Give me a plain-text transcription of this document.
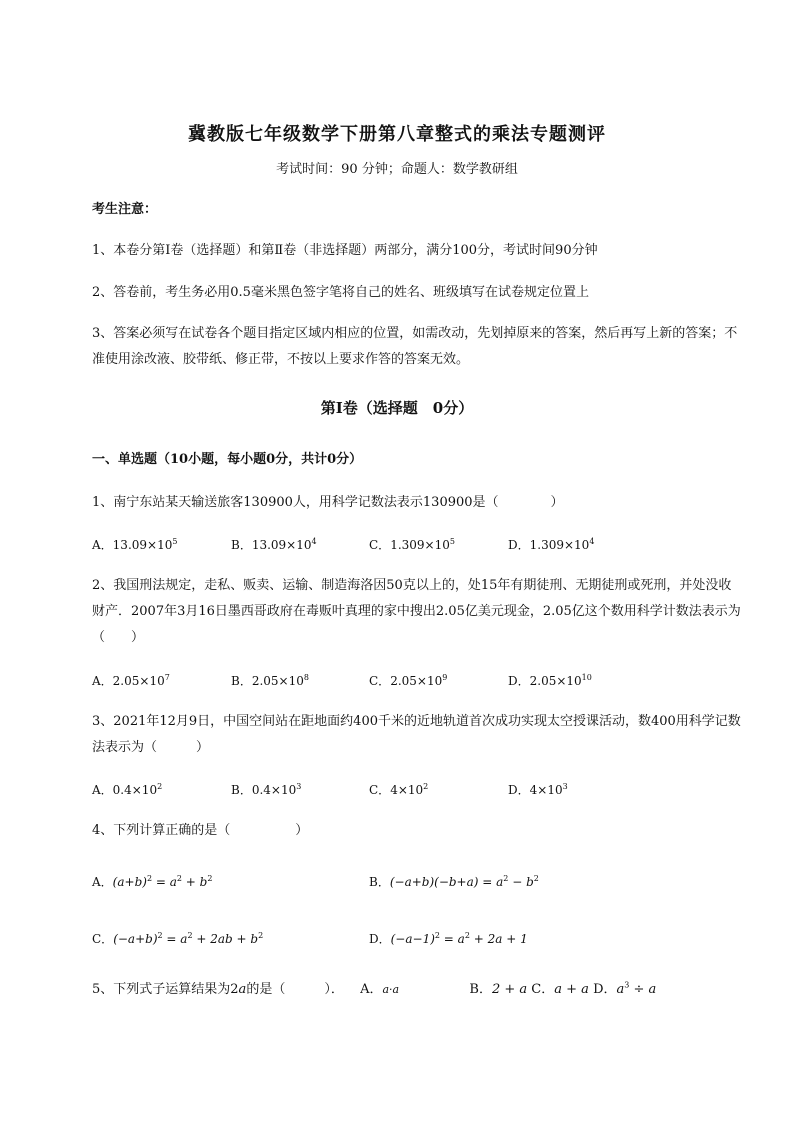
冀教版七年级数学下册第八章整式的乘法专题测评
考试时间：90 分钟；命题人：数学教研组
考生注意：
1、本卷分第Ⅰ卷（选择题）和第Ⅱ卷（非选择题）两部分，满分100分，考试时间90分钟
2、答卷前，考生务必用0.5毫米黑色签字笔将自己的姓名、班级填写在试卷规定位置上
3、答案必须写在试卷各个题目指定区域内相应的位置，如需改动，先划掉原来的答案，然后再写上新的答案；不准使用涂改液、胶带纸、修正带，不按以上要求作答的答案无效。
第Ⅰ卷（选择题　0分）
一、单选题（10小题，每小题0分，共计0分）
1、南宁东站某天输送旅客130900人，用科学记数法表示130900是（　　　　）
A．$13.09\times 10^5$	B．$13.09\times 10^4$	C．$1.309\times 10^5$	D．$1.309\times 10^4$
2、我国刑法规定，走私、贩卖、运输、制造海洛因50克以上的，处15年有期徒刑、无期徒刑或死刑，并处没收财产．2007年3月16日墨西哥政府在毒贩叶真理的家中搜出2.05亿美元现金，2.05亿这个数用科学计数法表示为（　　）
A．$2.05\times 10^7$	B．$2.05\times 10^8$	C．$2.05\times 10^9$	D．$2.05\times 10^{10}$
3、2021年12月9日，中国空间站在距地面约400千米的近地轨道首次成功实现太空授课活动，数400用科学记数法表示为（　　　）
A．$0.4\times 10^2$	B．$0.4\times 10^3$	C．$4\times 10^2$	D．$4\times 10^3$
4、下列计算正确的是（　　　　　）
A．$(a+b)^2 = a^2 + b^2$	B．$(-a+b)(-b+a) = a^2 - b^2$
C．$(-a+b)^2 = a^2 + 2ab + b^2$	D．$(-a-1)^2 = a^2 + 2a + 1$
5、下列式子运算结果为2a的是（　　　）． A．a·a	B．2 + a C．a + a D．$a^3 \div a$
